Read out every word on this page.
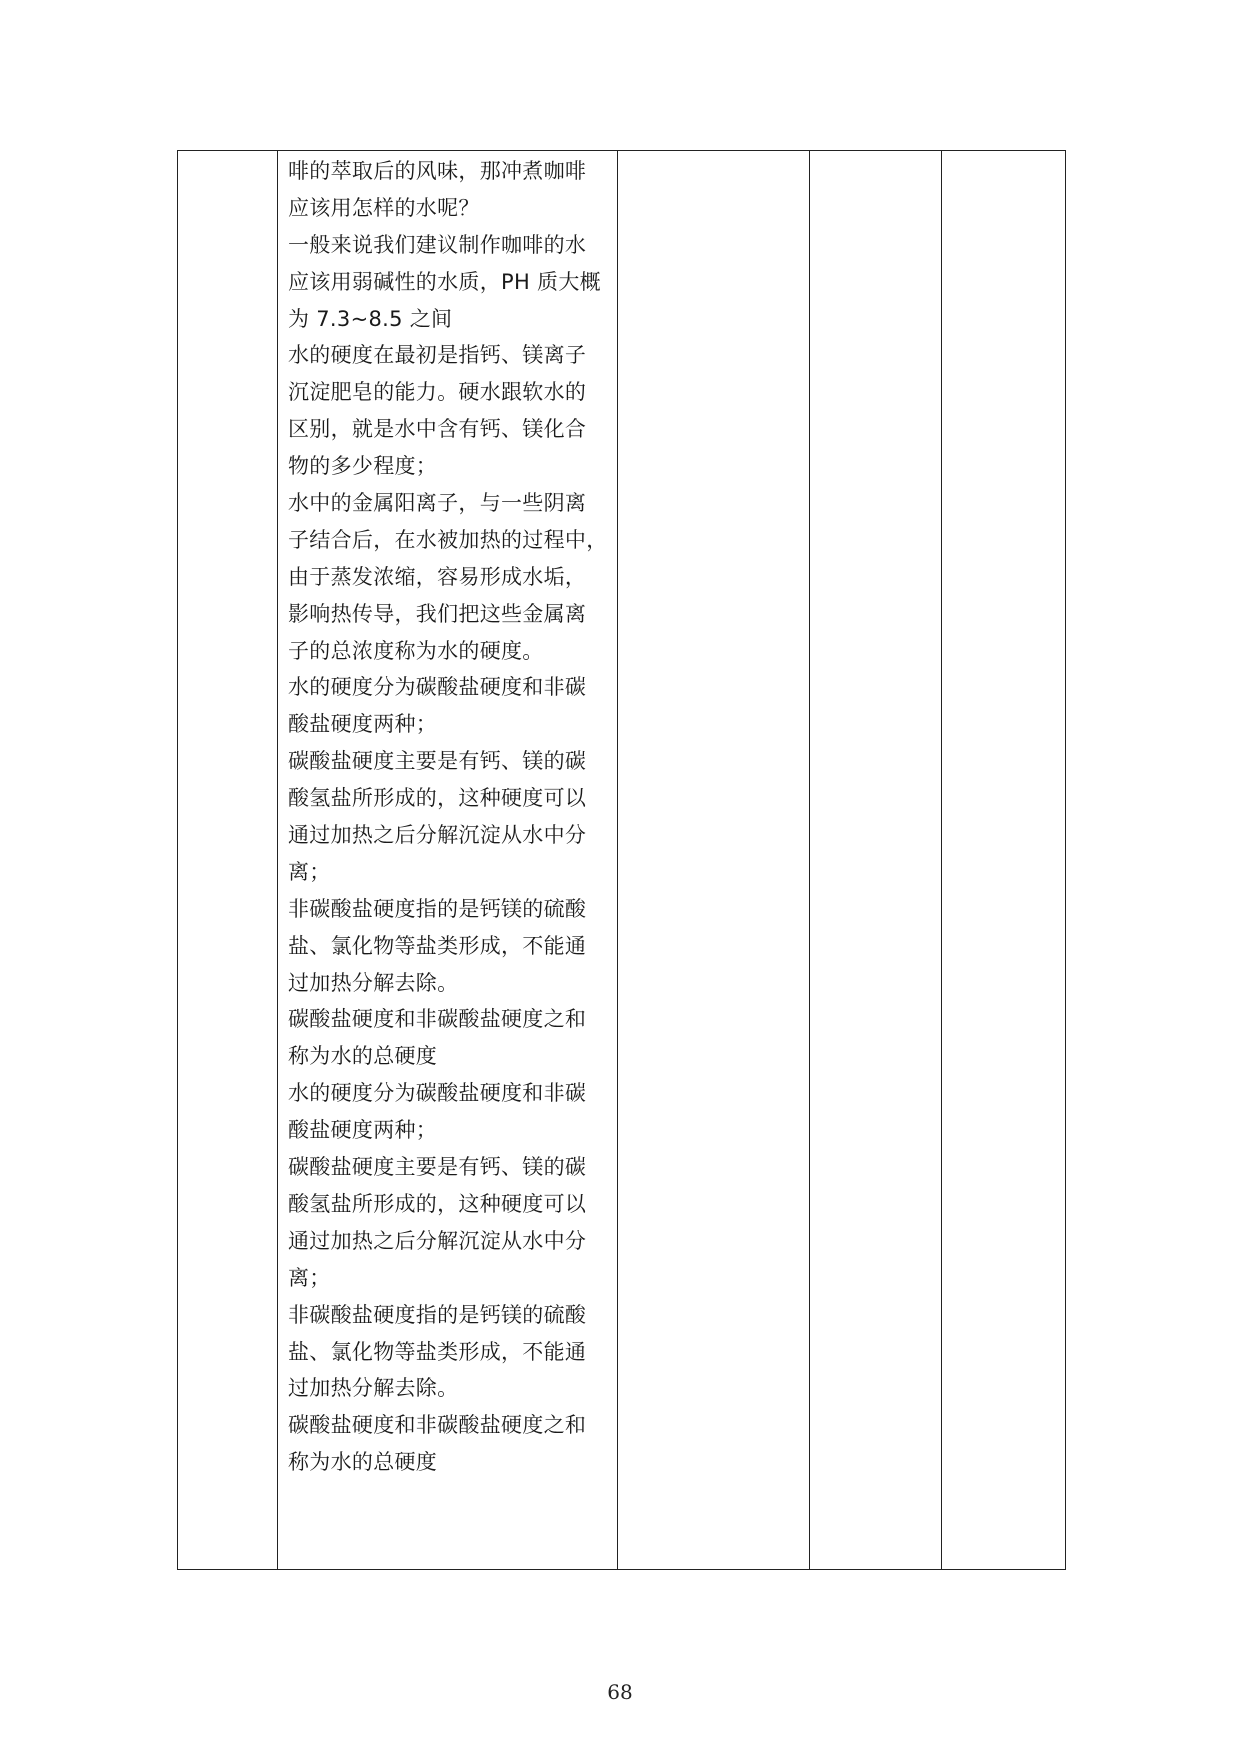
啡的萃取后的风味，那冲煮咖啡
应该用怎样的水呢？
一般来说我们建议制作咖啡的水
应该用弱碱性的水质，PH 质大概
为 7.3~8.5 之间
水的硬度在最初是指钙、镁离子
沉淀肥皂的能力。硬水跟软水的
区别，就是水中含有钙、镁化合
物的多少程度；
水中的金属阳离子，与一些阴离
子结合后，在水被加热的过程中，
由于蒸发浓缩，容易形成水垢，
影响热传导，我们把这些金属离
子的总浓度称为水的硬度。
水的硬度分为碳酸盐硬度和非碳
酸盐硬度两种；
碳酸盐硬度主要是有钙、镁的碳
酸氢盐所形成的，这种硬度可以
通过加热之后分解沉淀从水中分
离；
非碳酸盐硬度指的是钙镁的硫酸
盐、氯化物等盐类形成，不能通
过加热分解去除。
碳酸盐硬度和非碳酸盐硬度之和
称为水的总硬度
水的硬度分为碳酸盐硬度和非碳
酸盐硬度两种；
碳酸盐硬度主要是有钙、镁的碳
酸氢盐所形成的，这种硬度可以
通过加热之后分解沉淀从水中分
离；
非碳酸盐硬度指的是钙镁的硫酸
盐、氯化物等盐类形成，不能通
过加热分解去除。
碳酸盐硬度和非碳酸盐硬度之和
称为水的总硬度

68
